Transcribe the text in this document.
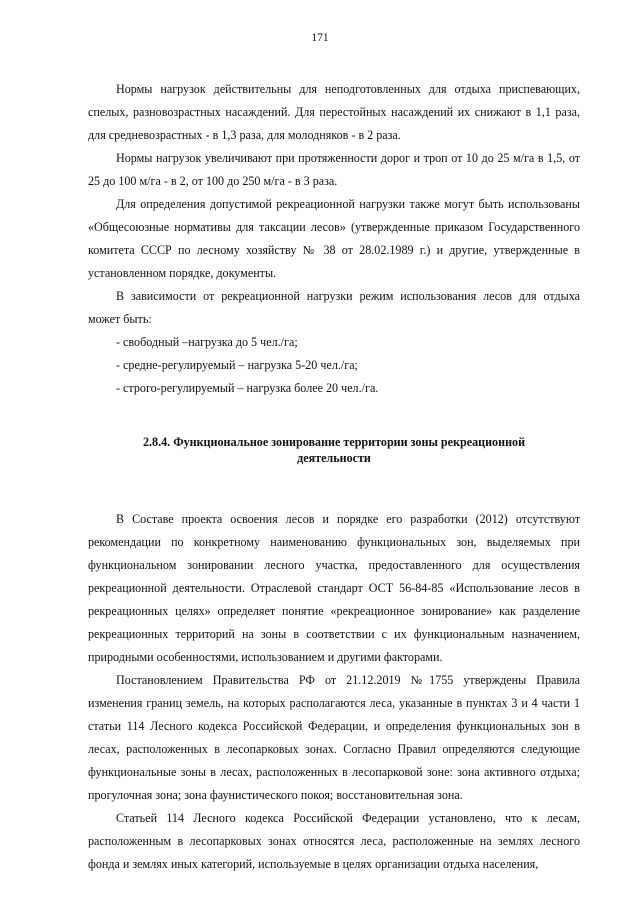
171

Нормы нагрузок действительны для неподготовленных для отдыха приспевающих, спелых, разновозрастных насаждений. Для перестойных насаждений их снижают в 1,1 раза, для средневозрастных - в 1,3 раза, для молодняков - в 2 раза.

Нормы нагрузок увеличивают при протяженности дорог и троп от 10 до 25 м/га в 1,5, от 25 до 100 м/га - в 2, от 100 до 250 м/га - в 3 раза.

Для определения допустимой рекреационной нагрузки также могут быть использованы «Общесоюзные нормативы для таксации лесов» (утвержденные приказом Государственного комитета СССР по лесному хозяйству № 38 от 28.02.1989 г.) и другие, утвержденные в установленном порядке, документы.

В зависимости от рекреационной нагрузки режим использования лесов для отдыха может быть:

- свободный –нагрузка до 5 чел./га;

- средне-регулируемый – нагрузка 5-20 чел./га;

- строго-регулируемый – нагрузка более 20 чел./га.

2.8.4. Функциональное зонирование территории зоны рекреационной
деятельности

В Составе проекта освоения лесов и порядке его разработки (2012) отсутствуют рекомендации по конкретному наименованию функциональных зон, выделяемых при функциональном зонировании лесного участка, предоставленного для осуществления рекреационной деятельности. Отраслевой стандарт ОСТ 56-84-85 «Использование лесов в рекреационных целях» определяет понятие «рекреационное зонирование» как разделение рекреационных территорий на зоны в соответствии с их функциональным назначением, природными особенностями, использованием и другими факторами.

Постановлением Правительства РФ от 21.12.2019 №1755 утверждены Правила изменения границ земель, на которых располагаются леса, указанные в пунктах 3 и 4 части 1 статьи 114 Лесного кодекса Российской Федерации, и определения функциональных зон в лесах, расположенных в лесопарковых зонах. Согласно Правил определяются следующие функциональные зоны в лесах, расположенных в лесопарковой зоне: зона активного отдыха; прогулочная зона; зона фаунистического покоя; восстановительная зона.

Статьей 114 Лесного кодекса Российской Федерации установлено, что к лесам, расположенным в лесопарковых зонах относятся леса, расположенные на землях лесного фонда и землях иных категорий, используемые в целях организации отдыха населения,
